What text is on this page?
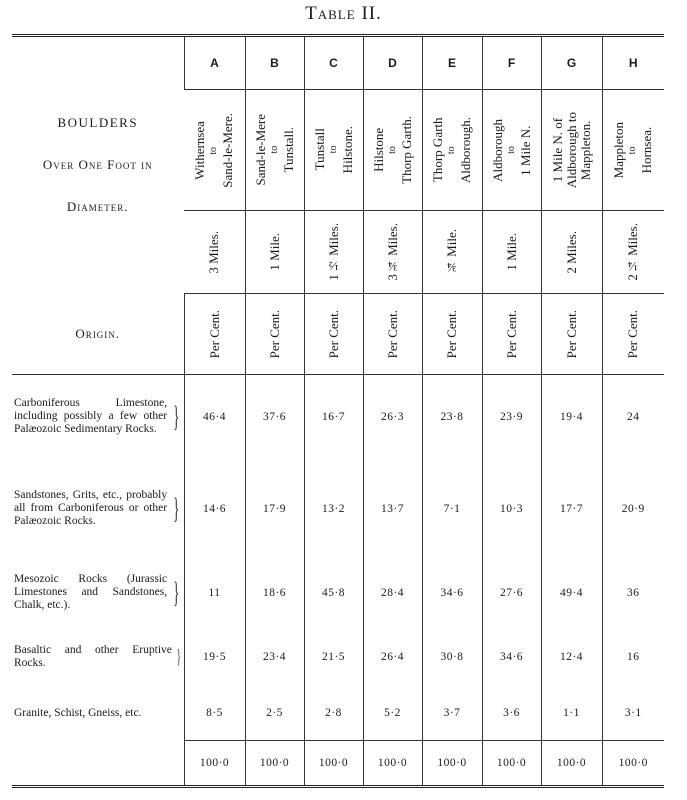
Table II.
BOULDERS
Over One Foot in
Diameter.	A	B	C	D	E	F	G	H

	Withernsea to Sand-le-Mere.	Sand-le-Mere to Tunstall.	Tunstall to Hilstone.	Hilstone to Thorp Garth.	Thorp Garth to Aldborough.	Aldborough to 1 Mile N.	1 Mile N. of Aldborough to Mappleton.	Mappleton to Hornsea.

	3 Miles.	1 Mile.	1½ Miles.	3¾ Miles.	¾ Mile.	1 Mile.	2 Miles.	2¼ Miles.

Origin.	Per Cent.	Per Cent.	Per Cent.	Per Cent.	Per Cent.	Per Cent.	Per Cent.	Per Cent.

Carboniferous Limestone, including possibly a few other Palæozoic Sedimentary Rocks. }	46·4	37·6	16·7	26·3	23·8	23·9	19·4	24

Sandstones, Grits, etc., probably all from Carboniferous or other Palæozoic Rocks. }	14·6	17·9	13·2	13·7	7·1	10·3	17·7	20·9

Mesozoic Rocks (Jurassic Limestones and Sandstones, Chalk, etc.). }	11	18·6	45·8	28·4	34·6	27·6	49·4	36

Basaltic and other Eruptive Rocks. }	19·5	23·4	21·5	26·4	30·8	34·6	12·4	16

Granite, Schist, Gneiss, etc.	8·5	2·5	2·8	5·2	3·7	3·6	1·1	3·1
	100·0	100·0	100·0	100·0	100·0	100·0	100·0	100·0
